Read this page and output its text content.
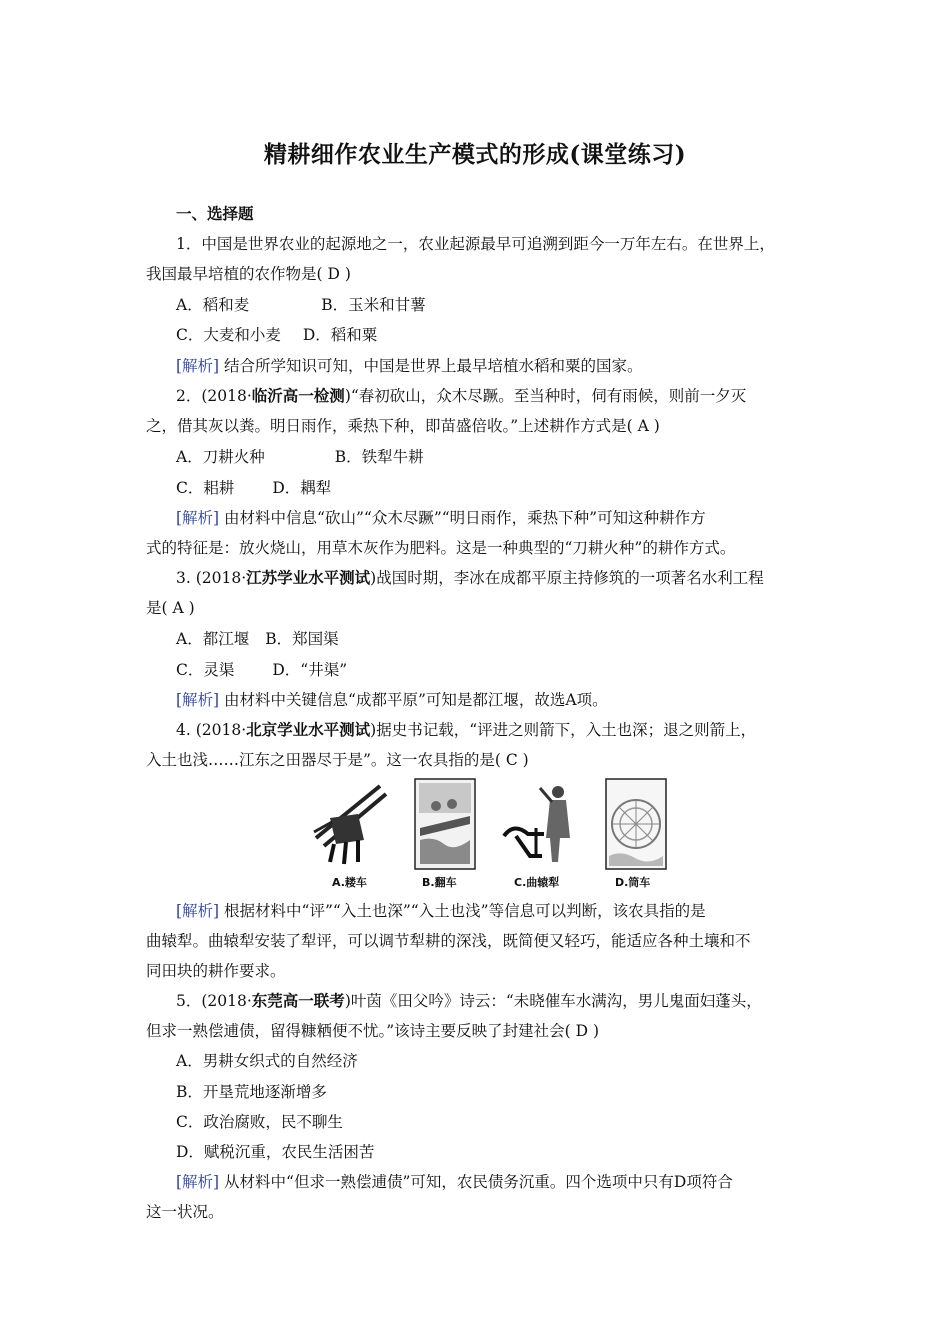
精耕细作农业生产模式的形成(课堂练习)
一、选择题
1．中国是世界农业的起源地之一，农业起源最早可追溯到距今一万年左右。在世界上，
我国最早培植的农作物是( D )
A．稻和麦	B．玉米和甘薯
C．大麦和小麦 D．稻和粟
[解析] 结合所学知识可知，中国是世界上最早培植水稻和粟的国家。
2．(2018·临沂高一检测)“春初砍山，众木尽蹶。至当种时，伺有雨候，则前一夕灭
之，借其灰以粪。明日雨作，乘热下种，即苗盛倍收。”上述耕作方式是( A )
A．刀耕火种	B．铁犁牛耕
C．耜耕 D．耦犁
[解析] 由材料中信息“砍山”“众木尽蹶”“明日雨作，乘热下种”可知这种耕作方
式的特征是：放火烧山，用草木灰作为肥料。这是一种典型的“刀耕火种”的耕作方式。
3. (2018·江苏学业水平测试)战国时期，李冰在成都平原主持修筑的一项著名水利工程
是( A )
A．都江堰 B．郑国渠
C．灵渠 D．“井渠”
[解析] 由材料中关键信息“成都平原”可知是都江堰，故选A项。
4. (2018·北京学业水平测试)据史书记载，“评进之则箭下，入土也深；退之则箭上，
入土也浅……江东之田器尽于是”。这一农具指的是( C )
A.耧车	B.翻车	C.曲辕犁	D.筒车
[解析] 根据材料中“评”“入土也深”“入土也浅”等信息可以判断，该农具指的是
曲辕犁。曲辕犁安装了犁评，可以调节犁耕的深浅，既简便又轻巧，能适应各种土壤和不
同田块的耕作要求。
5．(2018·东莞高一联考)叶茵《田父吟》诗云：“未晓催车水满沟，男儿鬼面妇蓬头，
但求一熟偿逋债，留得糠粞便不忧。”该诗主要反映了封建社会( D )
A．男耕女织式的自然经济
B．开垦荒地逐渐增多
C．政治腐败，民不聊生
D．赋税沉重，农民生活困苦
[解析] 从材料中“但求一熟偿逋债”可知，农民债务沉重。四个选项中只有D项符合
这一状况。
